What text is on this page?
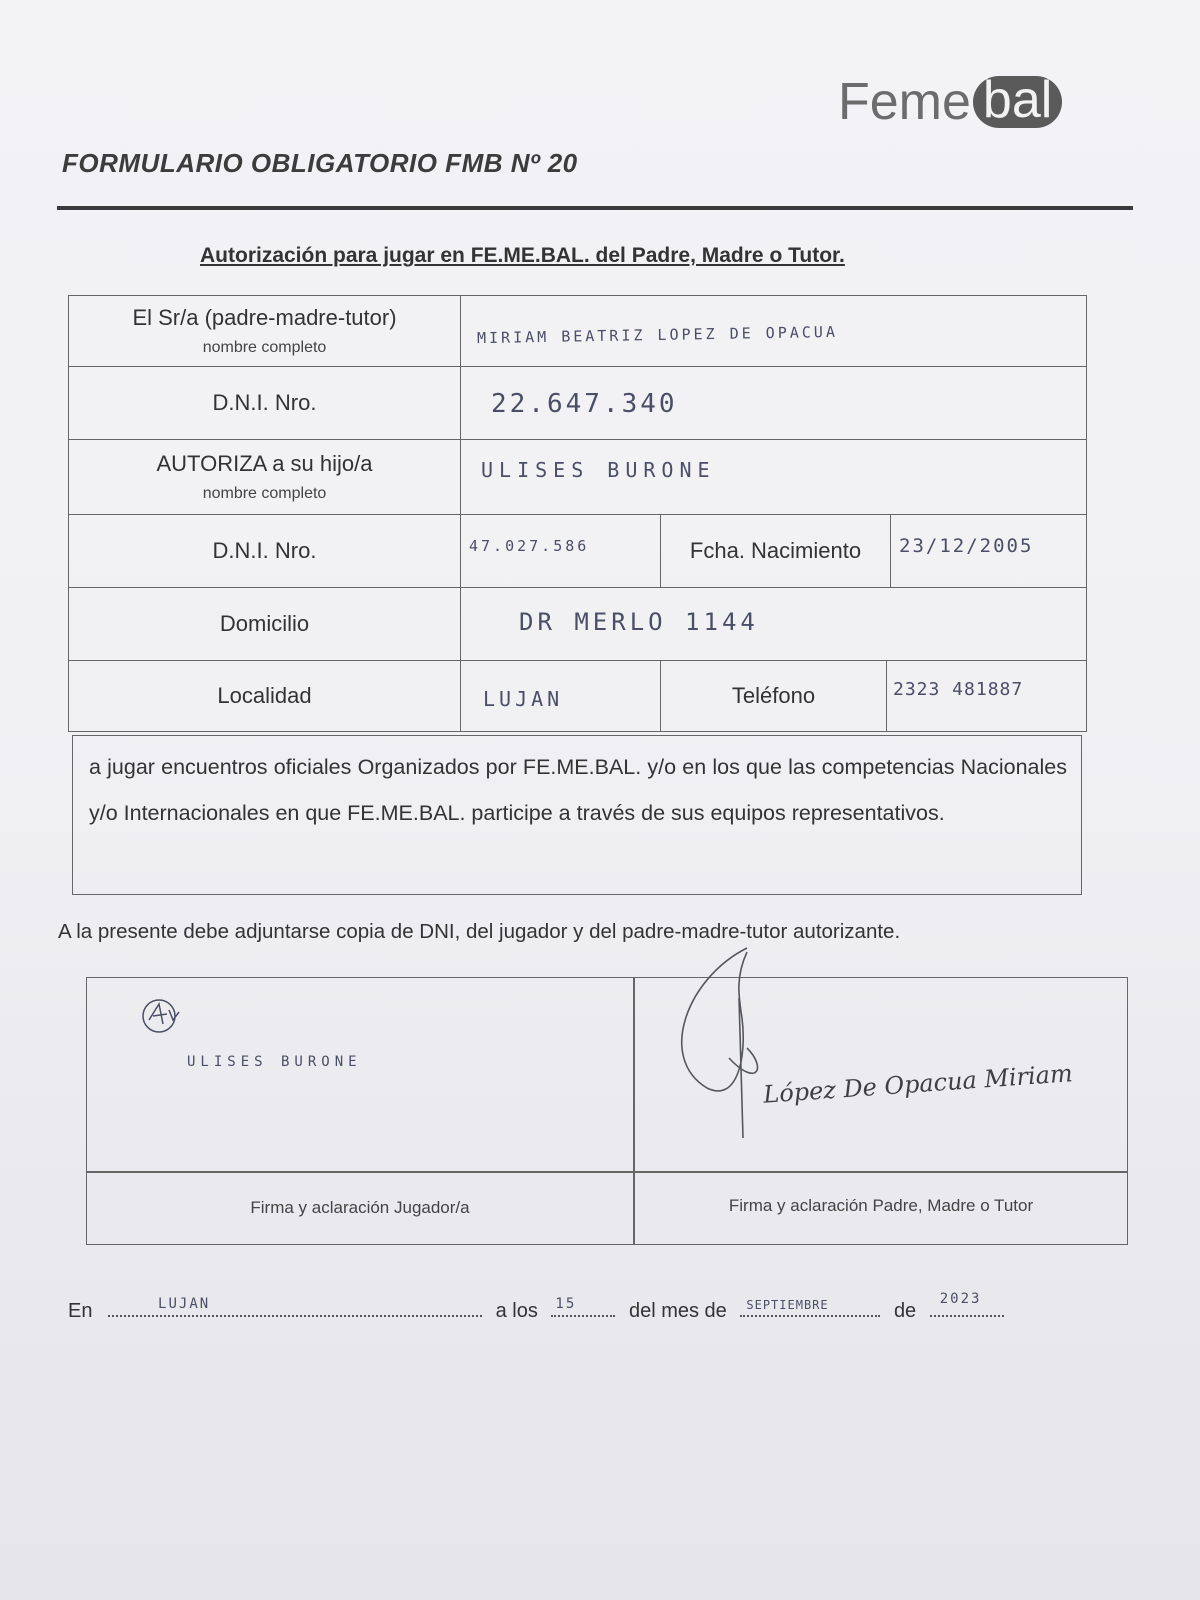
Feme bal
FORMULARIO OBLIGATORIO FMB Nº 20
Autorización para jugar en FE.ME.BAL. del Padre, Madre o Tutor.
El Sr/a (padre-madre-tutor)
nombre completo
MIRIAM BEATRIZ LOPEZ DE OPACUA
D.N.I. Nro.	22.647.340
AUTORIZA a su hijo/a
nombre completo
ULISES BURONE
D.N.I. Nro.	47.027.586	Fcha. Nacimiento 23/12/2005
Domicilio	DR MERLO 1144
Localidad	LUJAN	Teléfono	2323 481887
a jugar encuentros oficiales Organizados por FE.ME.BAL. y/o en los que las competencias Nacionales y/o Internacionales en que FE.ME.BAL. participe a través de sus equipos representativos.
A la presente debe adjuntarse copia de DNI, del jugador y del padre-madre-tutor autorizante.
ULISES BURONE	López De Opacua Miriam
Firma y aclaración Jugador/a	Firma y aclaración Padre, Madre o Tutor
En	LUJAN	a los 15	del mes de SEPTIEMBRE	de
2023
